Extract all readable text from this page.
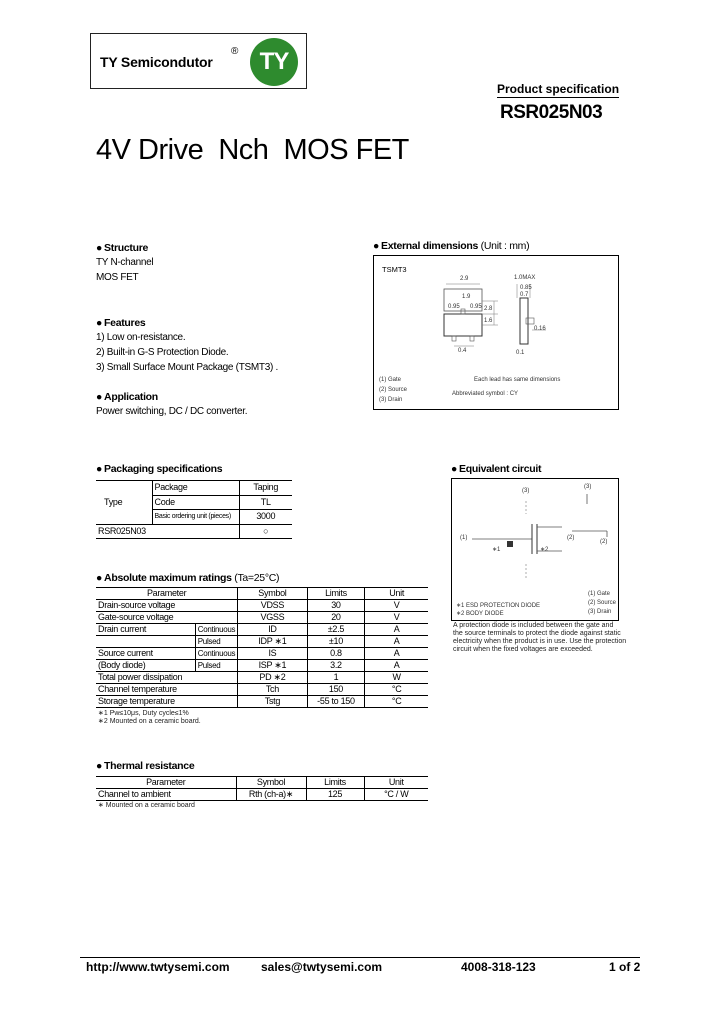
TY Semicondutor
® TY
Product specification
RSR025N03
4V Drive  Nch  MOS FET
● Structure
TY N-channel
MOS FET
● Features
1) Low on-resistance.
2) Built-in G-S Protection Diode.
3) Small Surface Mount Package (TSMT3) .
● Application
Power switching, DC / DC converter.
● External dimensions (Unit : mm)
TSMT3
2.9
1.9
0.95 0.95
1.0MAX
0.85
0.7
2.8
1.6
0.4
0.16
0.1
(1) Gate
(2) Source
(3) Drain
Each lead has same dimensions
Abbreviated symbol : CY
● Packaging specifications
Type	Package	Taping
	Code	TL
	Basic ordering unit (pieces)	3000
RSR025N03		○
● Equivalent circuit
(3)
(3)
(1)	(2)
(2)
∗1	∗2
(1) Gate
(2) Source
(3) Drain
∗1 ESD PROTECTION DIODE
∗2 BODY DIODE
A protection diode is included between the gate and
the source terminals to protect the diode against static
electricity when the product is in use. Use the protection
circuit when the fixed voltages are exceeded.
● Absolute maximum ratings (Ta=25°C)
Parameter		Symbol	Limits	Unit
Drain-source voltage		VDSS	30	V
Gate-source voltage		VGSS	20	V
Drain current	Continuous	ID	±2.5	A
	Pulsed	IDP ∗1	±10	A
Source current	Continuous	IS	0.8	A
(Body diode)	Pulsed	ISP ∗1	3.2	A
Total power dissipation		PD ∗2	1	W
Channel temperature		Tch	150	°C
Storage temperature		Tstg	-55 to 150	°C
∗1 Pw≤10μs, Duty cycle≤1%
∗2 Mounted on a ceramic board.
● Thermal resistance
Parameter	Symbol	Limits	Unit
Channel to ambient	Rth (ch-a)∗	125	°C / W
∗ Mounted on a ceramic board
http://www.twtysemi.com	sales@twtysemi.com	4008-318-123	1 of 2
